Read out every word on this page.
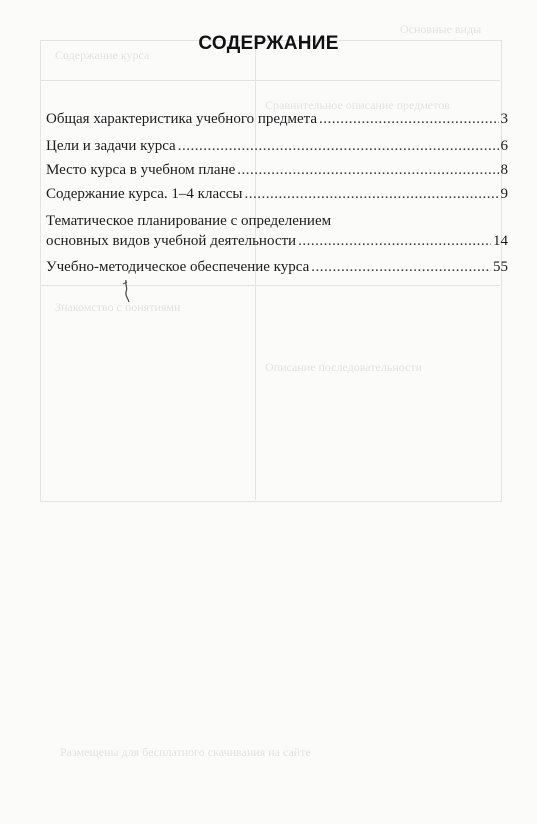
Содержание курса
Основные виды
Сравнительное описание предметов
Описание последовательности
Знакомство с понятиями
Размещены для бесплатного скачивания на сайте
СОДЕРЖАНИЕ
Общая характеристика учебного предмета .....	3
Цели и задачи курса .....	6
Место курса в учебном плане .....	8
Содержание курса. 1–4 классы .....	9
Тематическое планирование с определением
основных видов учебной деятельности .....	14
Учебно-методическое обеспечение курса .....	55
